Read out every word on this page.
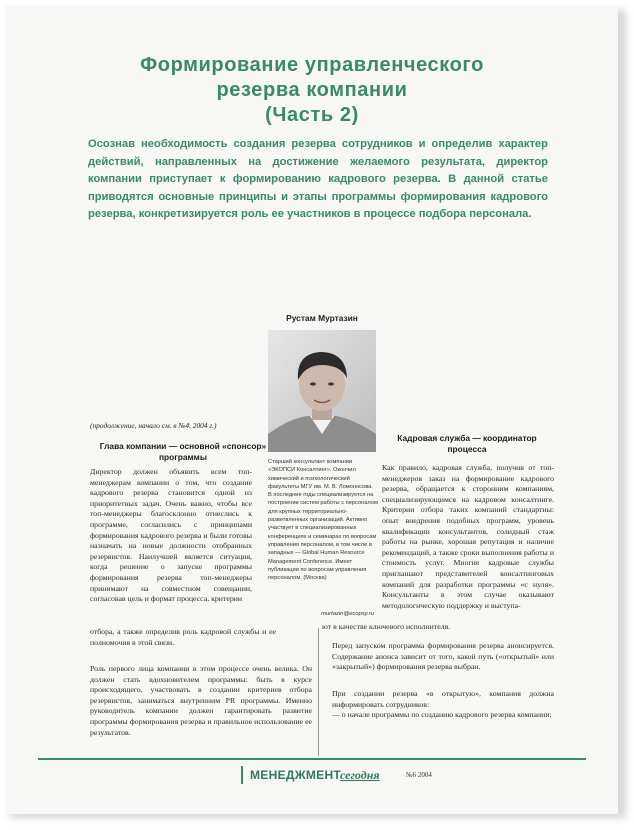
Формирование управленческого
резерва компании
(Часть 2)

Осознав необходимость создания резерва сотрудников и определив характер действий, направленных на достижение желаемого результата, директор компании приступает к формированию кадрового резерва. В данной статье приводятся основные принципы и этапы программы формирования кадрового резерва, конкретизируется роль ее участников в процессе подбора персонала.

Рустам Муртазин

Старший консультант компании «ЭКОПСИ Консалтинг». Окончил химический и психологический факультеты МГУ им. М. В. Ломоносова. В последние годы специализируется на построении систем работы с персоналом для крупных территориально- разветвленных организаций. Активно участвует в специализированных конференциях и семинарах по вопросам управления персоналом, в том числе в западных — Global Human Resource Management Conference. Имеет публикации по вопросам управления персоналом. (Москва)

murtazin@ecopsy.ru

(продолжение, начало см. в №4, 2004 г.)

Глава компании — основной «спонсор» программы

Директор должен объявить всем топ-менеджерам компании о том, что создание кадрового резерва становится одной из приоритетных задач. Очень важно, чтобы все топ-менеджеры благосклонно отнеслись к программе, согласились с принципами формирования кадрового резерва и были готовы назначать на новые должности отобранных резервистов. Наилучшей является ситуация, когда решение о запуске программы формирования резерва топ-менеджеры принимают на совместном совещании, согласовав цель и формат процесса, критерии

отбора, а также определив роль кадровой службы и ее полномочия в этой связи.

Роль первого лица компании в этом процессе очень велика. Он должен стать вдохновителем программы: быть в курсе происходящего, участвовать в создании критериев отбора резервистов, заниматься внутренним PR программы. Именно руководитель компании должен гарантировать развитие программы формирования резерва и правильное использование ее результатов.

Кадровая служба — координатор процесса

Как правило, кадровая служба, получив от топ-менеджеров заказ на формирование кадрового резерва, обращается к сторонним компаниям, специализирующимся на кадровом консалтинге. Критерии отбора таких компаний стандартны: опыт внедрения подобных программ, уровень квалификации консультантов, солидный стаж работы на рынке, хорошая репутация и наличие рекомендаций, а также сроки выполнения работы и стоимость услуг. Многие кадровые службы приглашают представителей консалтинговых компаний для разработки программы «с нуля». Консультанты в этом случае оказывают методологическую поддержку и выступа-

ют в качестве ключевого исполнителя.

Перед запуском программа формирования резерва анонсируется. Содержание анонса зависит от того, какой путь («открытый» или «закрытый») формирования резерва выбран.

При создании резерва «в открытую», компания должна информировать сотрудников:
— о начале программы по созданию кадрового резерва компании;

МЕНЕДЖМЕНТ
сегодня	№6 2004
